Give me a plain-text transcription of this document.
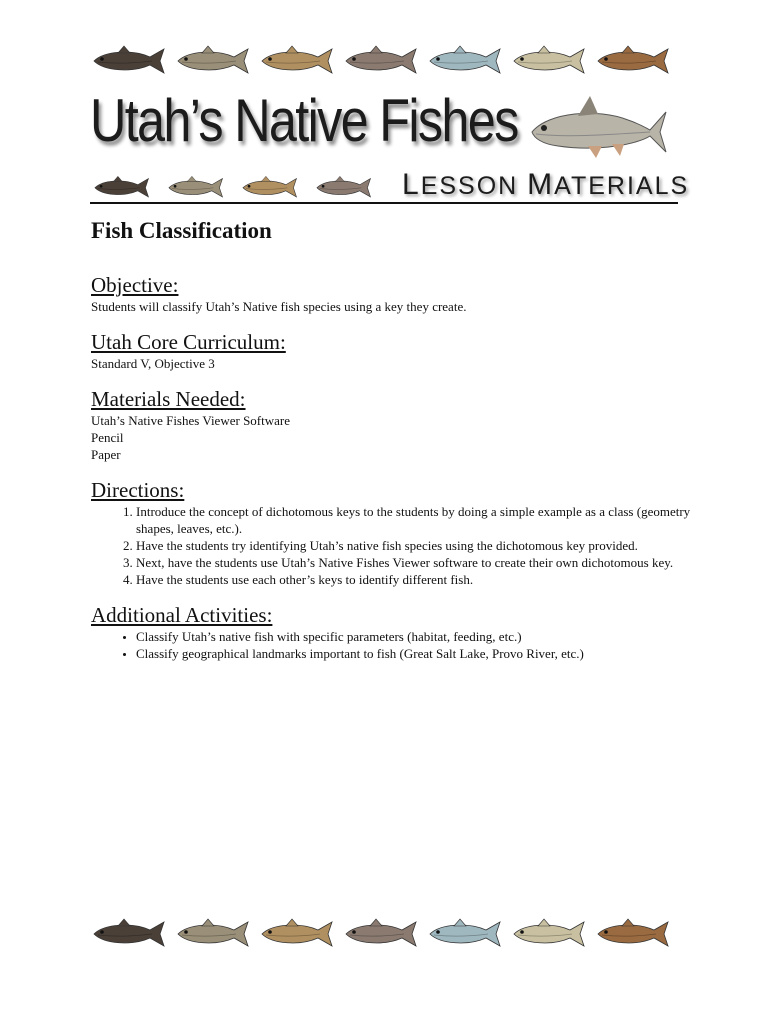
Utah’s Native Fishes
LESSON MATERIALS
Fish Classification
Objective:

Students will classify Utah’s Native fish species using a key they create.

Utah Core Curriculum:

Standard V, Objective 3

Materials Needed:
Utah’s Native Fishes Viewer Software
Pencil
Paper
Directions:
1. Introduce the concept of dichotomous keys to the students by doing a simple example as a class (geometry shapes, leaves, etc.).
2. Have the students try identifying Utah’s native fish species using the dichotomous key provided.
3. Next, have the students use Utah’s Native Fishes Viewer software to create their own dichotomous key.
4. Have the students use each other’s keys to identify different fish.
Additional Activities:
• Classify Utah’s native fish with specific parameters (habitat, feeding, etc.)
• Classify geographical landmarks important to fish (Great Salt Lake, Provo River, etc.)
